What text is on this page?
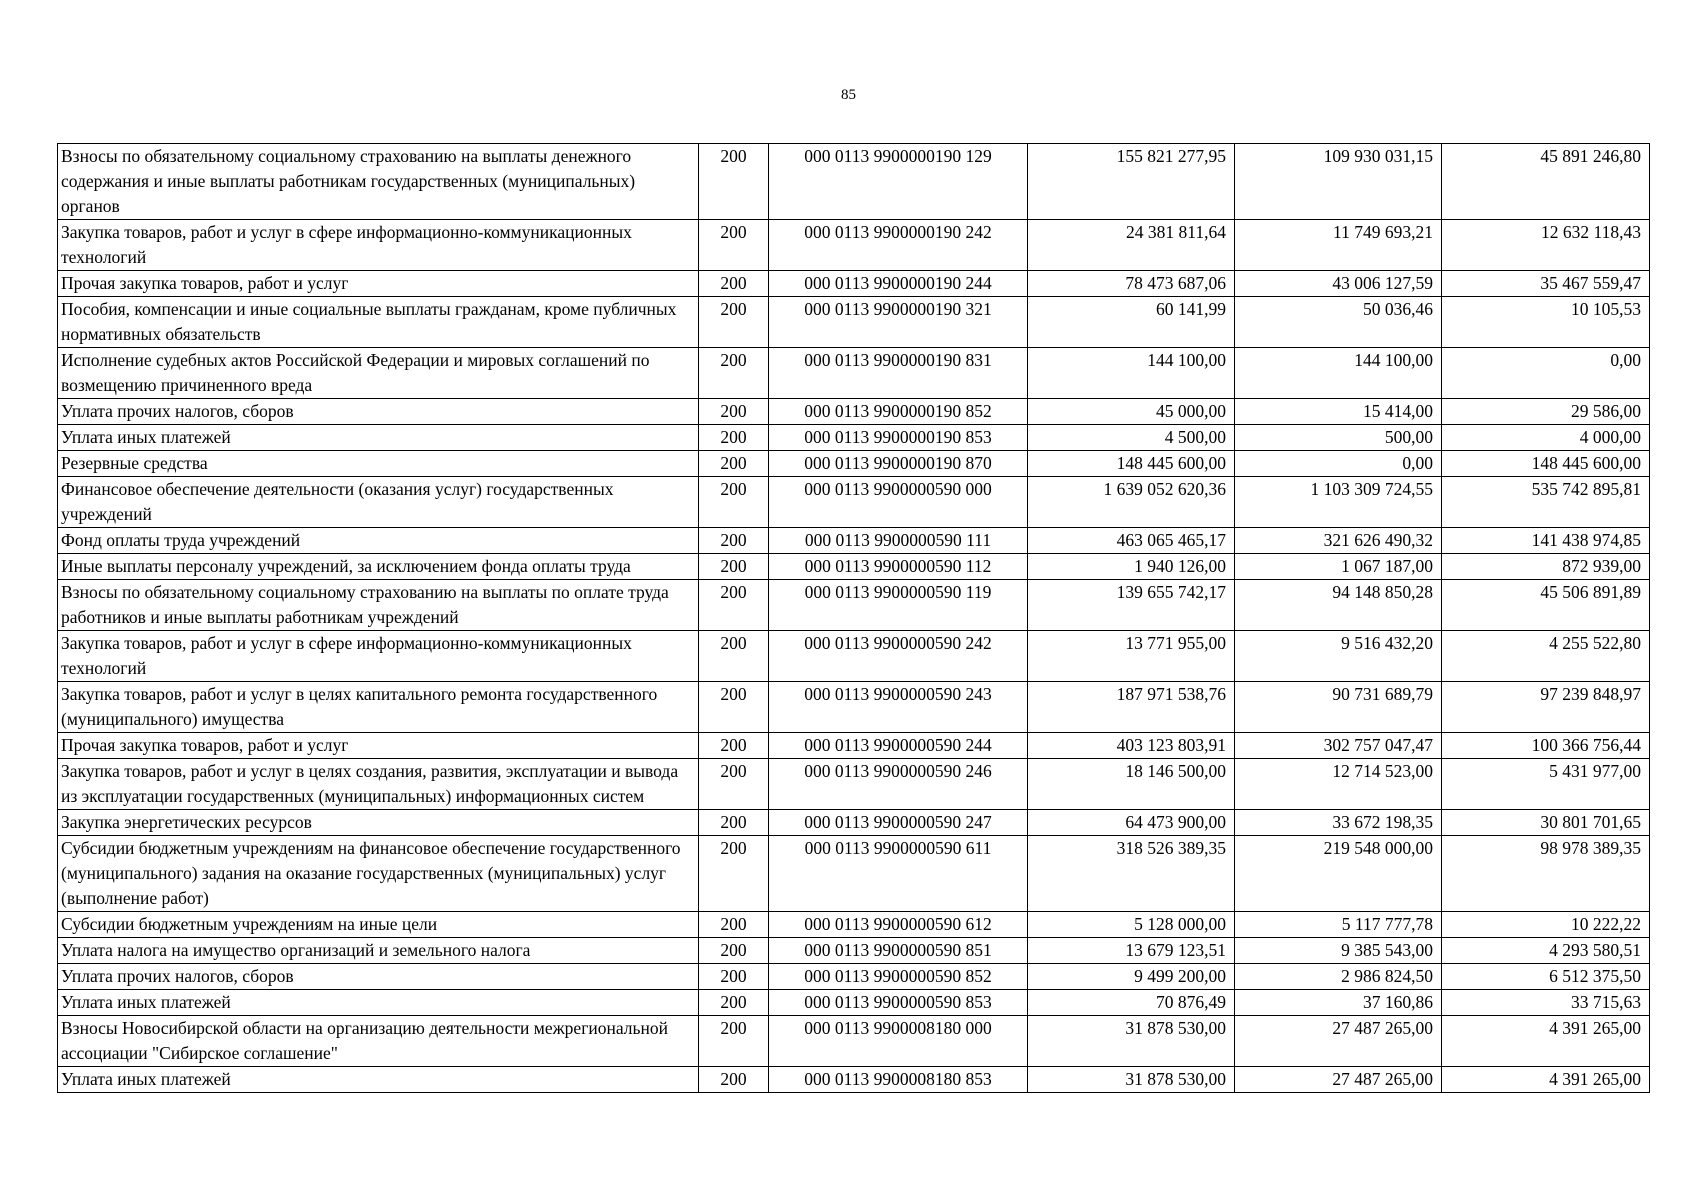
85
Взносы по обязательному социальному страхованию на выплаты денежного содержания и иные выплаты работникам государственных (муниципальных) органов	200	000 0113 9900000190 129	155 821 277,95	109 930 031,15	45 891 246,80
Закупка товаров, работ и услуг в сфере информационно-коммуникационных технологий	200	000 0113 9900000190 242	24 381 811,64	11 749 693,21	12 632 118,43
Прочая закупка товаров, работ и услуг	200	000 0113 9900000190 244	78 473 687,06	43 006 127,59	35 467 559,47
Пособия, компенсации и иные социальные выплаты гражданам, кроме публичных нормативных обязательств	200	000 0113 9900000190 321	60 141,99	50 036,46	10 105,53
Исполнение судебных актов Российской Федерации и мировых соглашений по возмещению причиненного вреда	200	000 0113 9900000190 831	144 100,00	144 100,00	0,00
Уплата прочих налогов, сборов	200	000 0113 9900000190 852	45 000,00	15 414,00	29 586,00
Уплата иных платежей	200	000 0113 9900000190 853	4 500,00	500,00	4 000,00
Резервные средства	200	000 0113 9900000190 870	148 445 600,00	0,00	148 445 600,00
Финансовое обеспечение деятельности (оказания услуг) государственных учреждений	200	000 0113 9900000590 000	1 639 052 620,36	1 103 309 724,55	535 742 895,81
Фонд оплаты труда учреждений	200	000 0113 9900000590 111	463 065 465,17	321 626 490,32	141 438 974,85
Иные выплаты персоналу учреждений, за исключением фонда оплаты труда	200	000 0113 9900000590 112	1 940 126,00	1 067 187,00	872 939,00
Взносы по обязательному социальному страхованию на выплаты по оплате труда работников и иные выплаты работникам учреждений	200	000 0113 9900000590 119	139 655 742,17	94 148 850,28	45 506 891,89
Закупка товаров, работ и услуг в сфере информационно-коммуникационных технологий	200	000 0113 9900000590 242	13 771 955,00	9 516 432,20	4 255 522,80
Закупка товаров, работ и услуг в целях капитального ремонта государственного (муниципального) имущества	200	000 0113 9900000590 243	187 971 538,76	90 731 689,79	97 239 848,97
Прочая закупка товаров, работ и услуг	200	000 0113 9900000590 244	403 123 803,91	302 757 047,47	100 366 756,44
Закупка товаров, работ и услуг в целях создания, развития, эксплуатации и вывода из эксплуатации государственных (муниципальных) информационных систем	200	000 0113 9900000590 246	18 146 500,00	12 714 523,00	5 431 977,00
Закупка энергетических ресурсов	200	000 0113 9900000590 247	64 473 900,00	33 672 198,35	30 801 701,65
Субсидии бюджетным учреждениям на финансовое обеспечение государственного (муниципального) задания на оказание государственных (муниципальных) услуг (выполнение работ)	200	000 0113 9900000590 611	318 526 389,35	219 548 000,00	98 978 389,35
Субсидии бюджетным учреждениям на иные цели	200	000 0113 9900000590 612	5 128 000,00	5 117 777,78	10 222,22
Уплата налога на имущество организаций и земельного налога	200	000 0113 9900000590 851	13 679 123,51	9 385 543,00	4 293 580,51
Уплата прочих налогов, сборов	200	000 0113 9900000590 852	9 499 200,00	2 986 824,50	6 512 375,50
Уплата иных платежей	200	000 0113 9900000590 853	70 876,49	37 160,86	33 715,63
Взносы Новосибирской области на организацию деятельности межрегиональной ассоциации "Сибирское соглашение"	200	000 0113 9900008180 000	31 878 530,00	27 487 265,00	4 391 265,00
Уплата иных платежей	200	000 0113 9900008180 853	31 878 530,00	27 487 265,00	4 391 265,00
